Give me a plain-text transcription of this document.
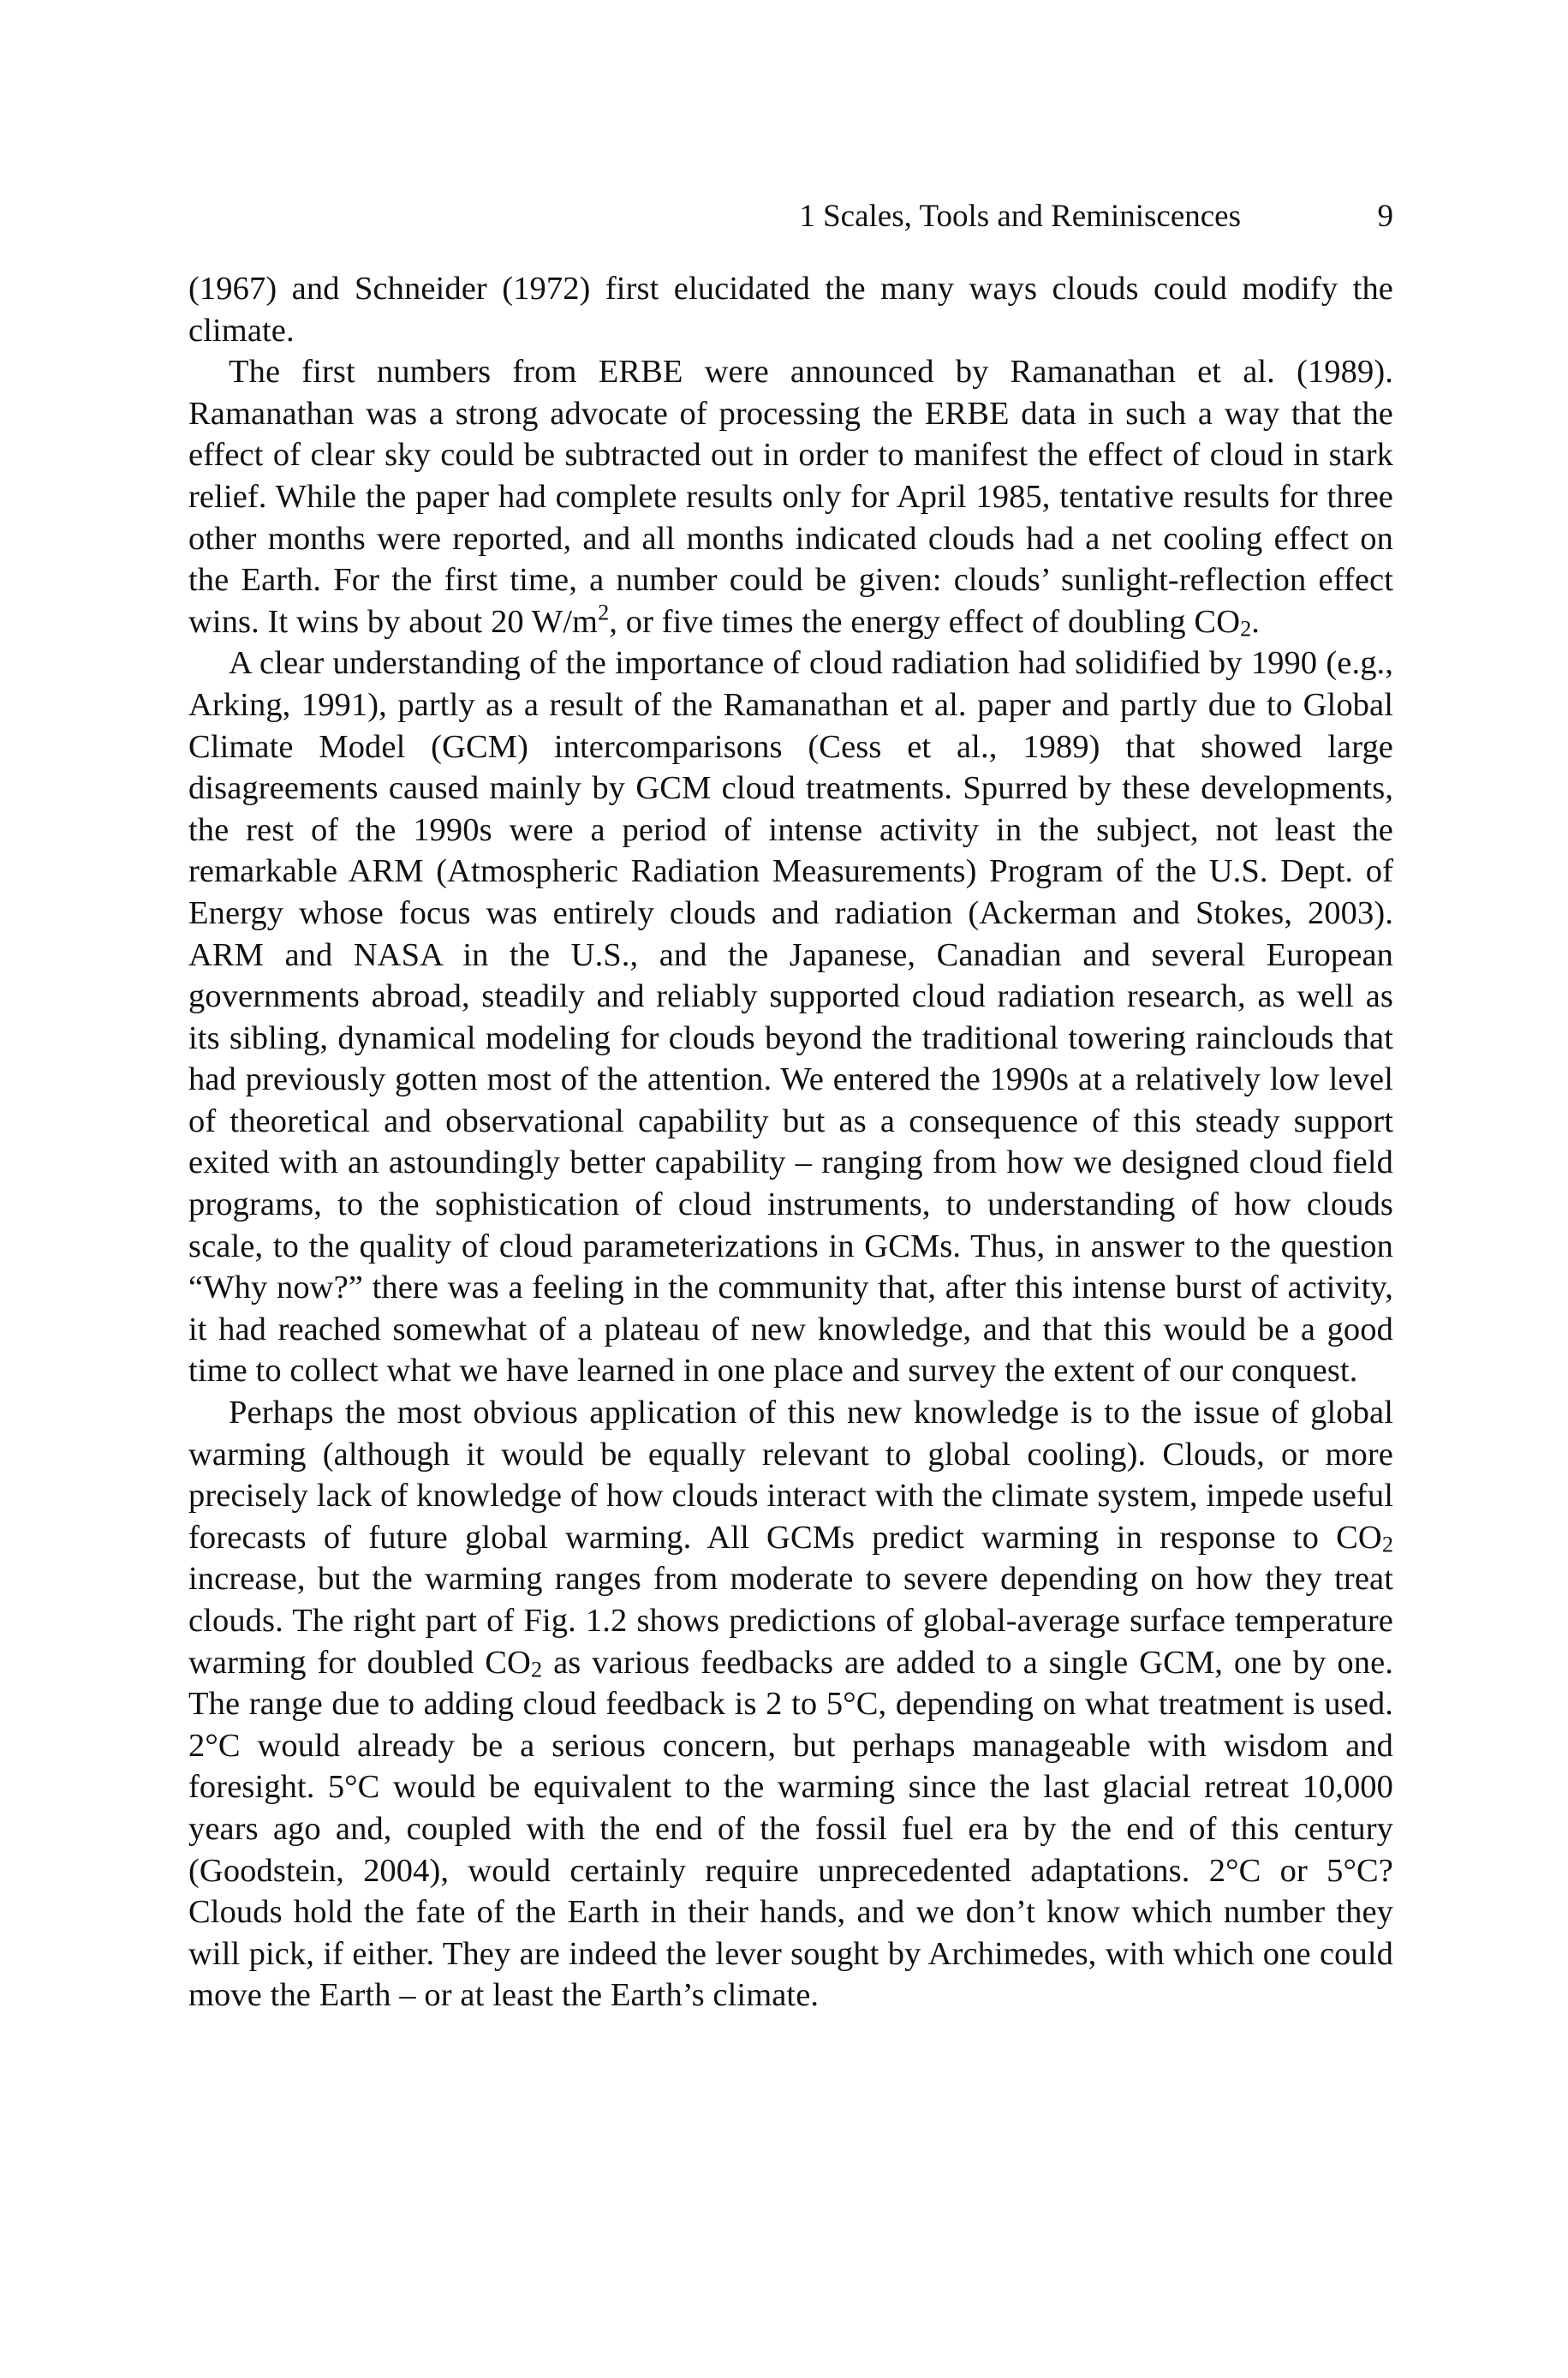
1 Scales, Tools and Reminiscences	9

(1967) and Schneider (1972) first elucidated the many ways clouds could modify the climate.

The first numbers from ERBE were announced by Ramanathan et al. (1989). Ramanathan was a strong advocate of processing the ERBE data in such a way that the effect of clear sky could be subtracted out in order to manifest the effect of cloud in stark relief. While the paper had complete results only for April 1985, tentative results for three other months were reported, and all months indicated clouds had a net cooling effect on the Earth. For the first time, a number could be given: clouds’ sunlight-reflection effect wins. It wins by about 20 $W/m^2$, or five times the energy effect of doubling $CO_2$.

A clear understanding of the importance of cloud radiation had solidified by 1990 (e.g., Arking, 1991), partly as a result of the Ramanathan et al. paper and partly due to Global Climate Model (GCM) intercomparisons (Cess et al., 1989) that showed large disagreements caused mainly by GCM cloud treatments. Spurred by these developments, the rest of the 1990s were a period of intense activity in the subject, not least the remarkable ARM (Atmospheric Radiation Measurements) Program of the U.S. Dept. of Energy whose focus was entirely clouds and radiation (Ackerman and Stokes, 2003). ARM and NASA in the U.S., and the Japanese, Canadian and several European governments abroad, steadily and reliably supported cloud radiation research, as well as its sibling, dynamical modeling for clouds beyond the traditional towering rainclouds that had previously gotten most of the attention. We entered the 1990s at a relatively low level of theoretical and observational capability but as a consequence of this steady support exited with an astoundingly better capability – ranging from how we designed cloud field programs, to the sophistication of cloud instruments, to understanding of how clouds scale, to the quality of cloud parameterizations in GCMs. Thus, in answer to the question “Why now?” there was a feeling in the community that, after this intense burst of activity, it had reached somewhat of a plateau of new knowledge, and that this would be a good time to collect what we have learned in one place and survey the extent of our conquest.

Perhaps the most obvious application of this new knowledge is to the issue of global warming (although it would be equally relevant to global cooling). Clouds, or more precisely lack of knowledge of how clouds interact with the climate system, impede useful forecasts of future global warming. All GCMs predict warming in response to $CO_2$ increase, but the warming ranges from moderate to severe depending on how they treat clouds. The right part of Fig. 1.2 shows predictions of global-average surface temperature warming for doubled $CO_2$ as various feedbacks are added to a single GCM, one by one. The range due to adding cloud feedback is 2 to 5°C, depending on what treatment is used. 2°C would already be a serious concern, but perhaps manageable with wisdom and foresight. 5°C would be equivalent to the warming since the last glacial retreat 10,000 years ago and, coupled with the end of the fossil fuel era by the end of this century (Goodstein, 2004), would certainly require unprecedented adaptations. 2°C or 5°C? Clouds hold the fate of the Earth in their hands, and we don’t know which number they will pick, if either. They are indeed the lever sought by Archimedes, with which one could move the Earth – or at least the Earth’s climate.
